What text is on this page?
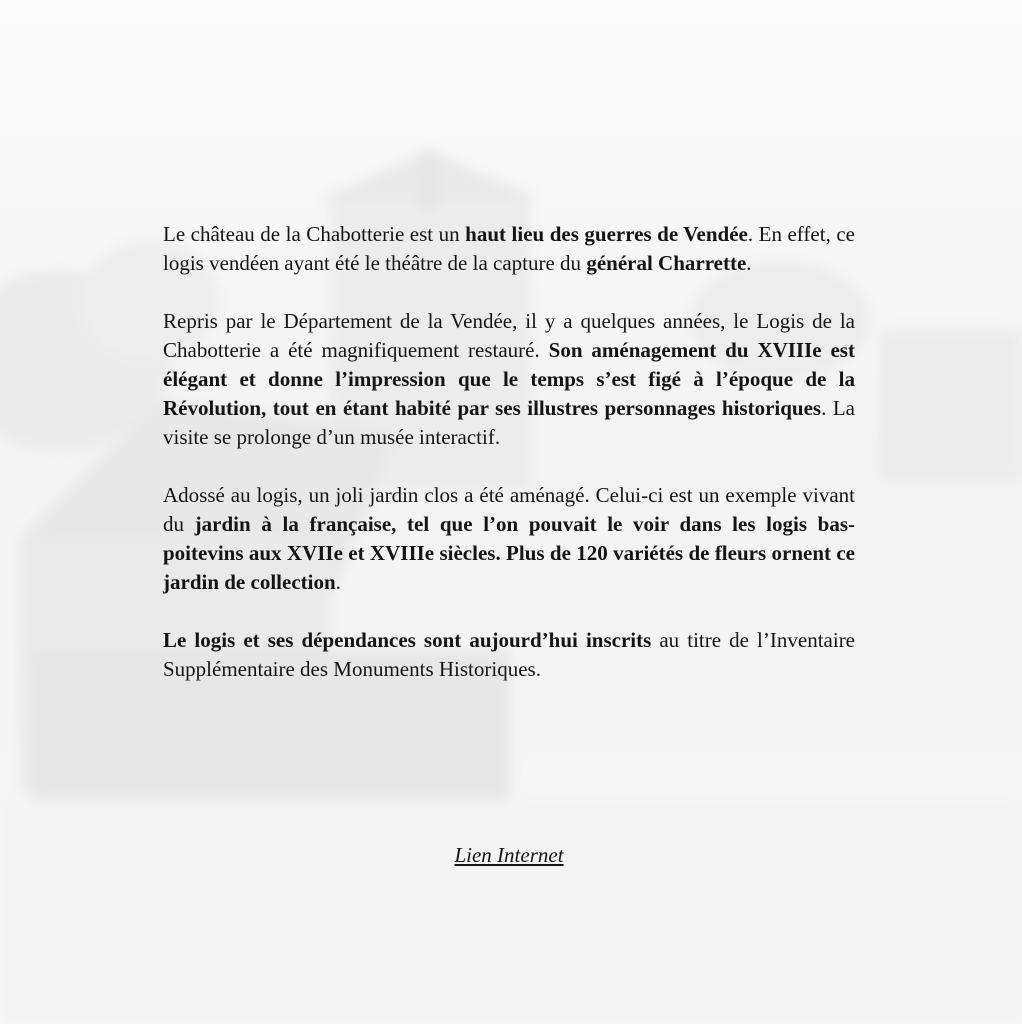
Le château de la Chabotterie est un haut lieu des guerres de Vendée. En effet, ce logis vendéen ayant été le théâtre de la capture du général Charrette.

Repris par le Département de la Vendée, il y a quelques années, le Logis de la Chabotterie a été magnifiquement restauré. Son aménagement du XVIIIe est élégant et donne l’impression que le temps s’est figé à l’époque de la Révolution, tout en étant habité par ses illustres personnages historiques. La visite se prolonge d’un musée interactif.

Adossé au logis, un joli jardin clos a été aménagé. Celui-ci est un exemple vivant du jardin à la française, tel que l’on pouvait le voir dans les logis bas-poitevins aux XVIIe et XVIIIe siècles. Plus de 120 variétés de fleurs ornent ce jardin de collection.

Le logis et ses dépendances sont aujourd’hui inscrits au titre de l’Inventaire Supplémentaire des Monuments Historiques.

Lien Internet
